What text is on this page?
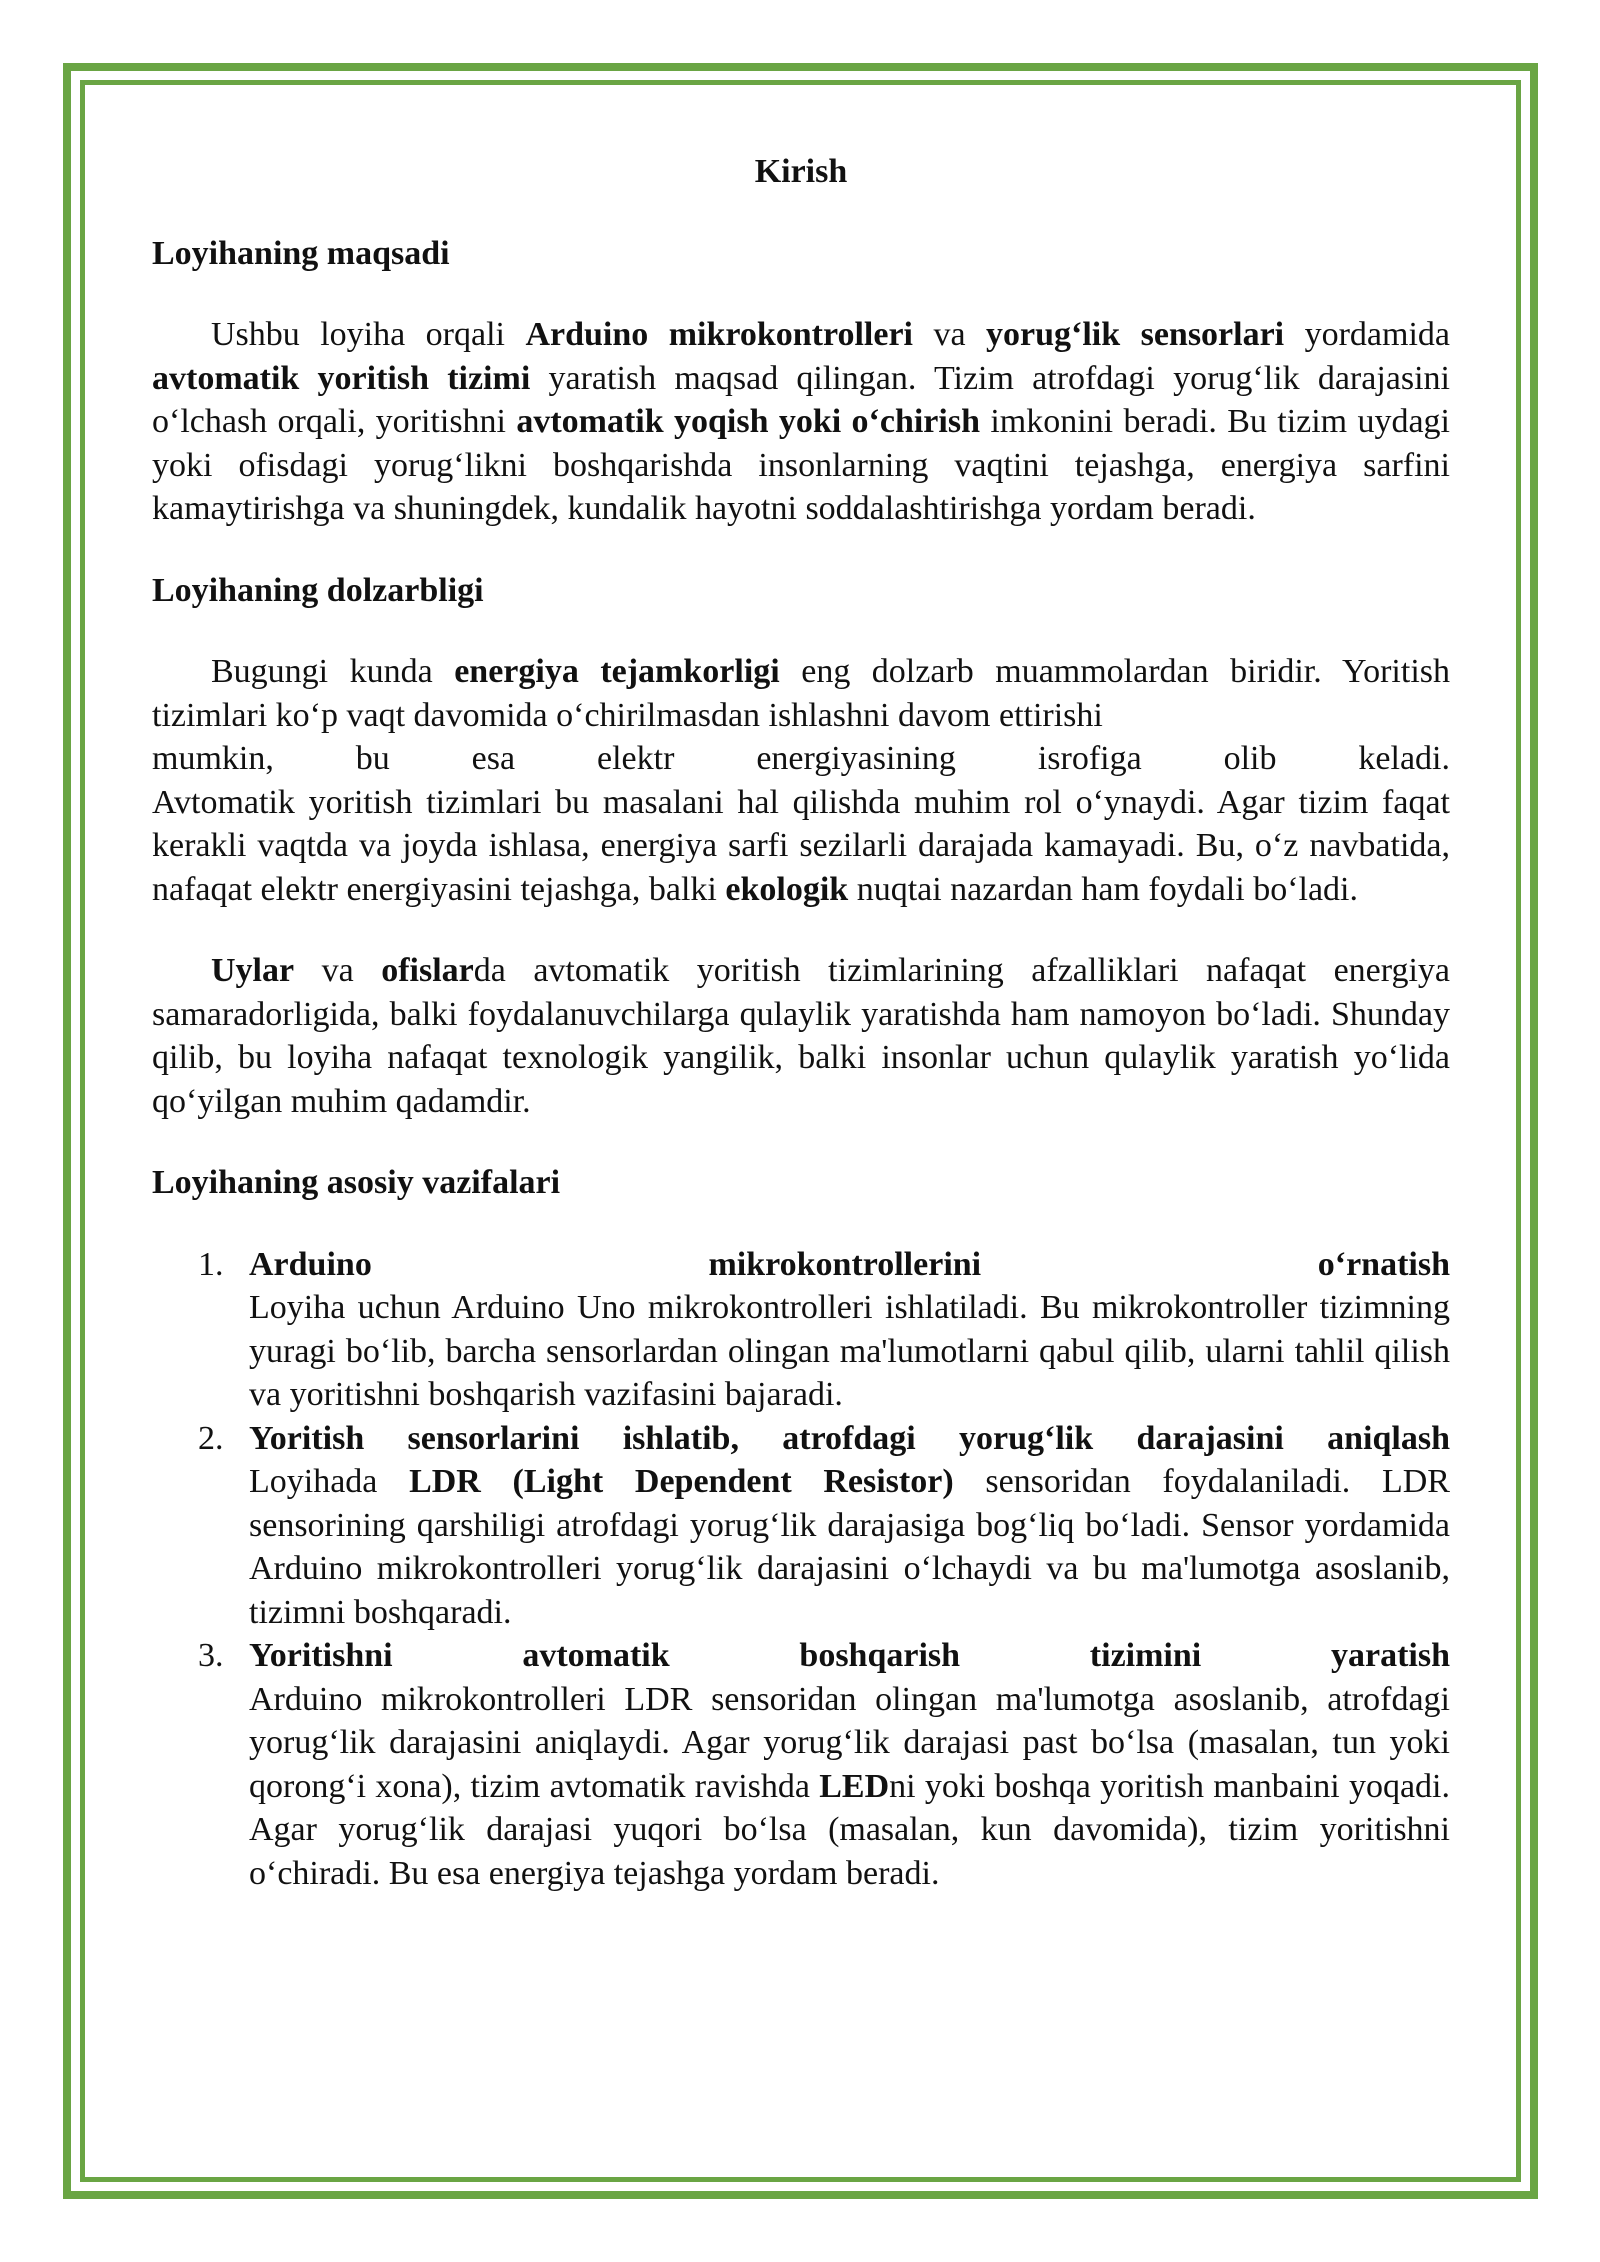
Kirish
Loyihaning maqsadi

Ushbu loyiha orqali Arduino mikrokontrolleri va yorug‘lik sensorlari yordamida avtomatik yoritish tizimi yaratish maqsad qilingan. Tizim atrofdagi yorug‘lik darajasini o‘lchash orqali, yoritishni avtomatik yoqish yoki o‘chirish imkonini beradi. Bu tizim uydagi yoki ofisdagi yorug‘likni boshqarishda insonlarning vaqtini tejashga, energiya sarfini kamaytirishga va shuningdek, kundalik hayotni soddalashtirishga yordam beradi.

Loyihaning dolzarbligi

Bugungi kunda energiya tejamkorligi eng dolzarb muammolardan biridir. Yoritish tizimlari ko‘p vaqt davomida o‘chirilmasdan ishlashni davom ettirishi

mumkin, bu esa elektr energiyasining isrofiga olib keladi.

Avtomatik yoritish tizimlari bu masalani hal qilishda muhim rol o‘ynaydi. Agar tizim faqat kerakli vaqtda va joyda ishlasa, energiya sarfi sezilarli darajada kamayadi. Bu, o‘z navbatida, nafaqat elektr energiyasini tejashga, balki ekologik nuqtai nazardan ham foydali bo‘ladi.

Uylar va ofislarda avtomatik yoritish tizimlarining afzalliklari nafaqat energiya samaradorligida, balki foydalanuvchilarga qulaylik yaratishda ham namoyon bo‘ladi. Shunday qilib, bu loyiha nafaqat texnologik yangilik, balki insonlar uchun qulaylik yaratish yo‘lida qo‘yilgan muhim qadamdir.

Loyihaning asosiy vazifalari
1. Arduino mikrokontrollerini o‘rnatish
Loyiha uchun Arduino Uno mikrokontrolleri ishlatiladi. Bu mikrokontroller tizimning yuragi bo‘lib, barcha sensorlardan olingan ma'lumotlarni qabul qilib, ularni tahlil qilish va yoritishni boshqarish vazifasini bajaradi.
2. Yoritish sensorlarini ishlatib, atrofdagi yorug‘lik darajasini aniqlash
Loyihada LDR (Light Dependent Resistor) sensoridan foydalaniladi. LDR sensorining qarshiligi atrofdagi yorug‘lik darajasiga bog‘liq bo‘ladi. Sensor yordamida Arduino mikrokontrolleri yorug‘lik darajasini o‘lchaydi va bu ma'lumotga asoslanib, tizimni boshqaradi.
3. Yoritishni avtomatik boshqarish tizimini yaratish
Arduino mikrokontrolleri LDR sensoridan olingan ma'lumotga asoslanib, atrofdagi yorug‘lik darajasini aniqlaydi. Agar yorug‘lik darajasi past bo‘lsa (masalan, tun yoki qorong‘i xona), tizim avtomatik ravishda LEDni yoki boshqa yoritish manbaini yoqadi. Agar yorug‘lik darajasi yuqori bo‘lsa (masalan, kun davomida), tizim yoritishni o‘chiradi. Bu esa energiya tejashga yordam beradi.
